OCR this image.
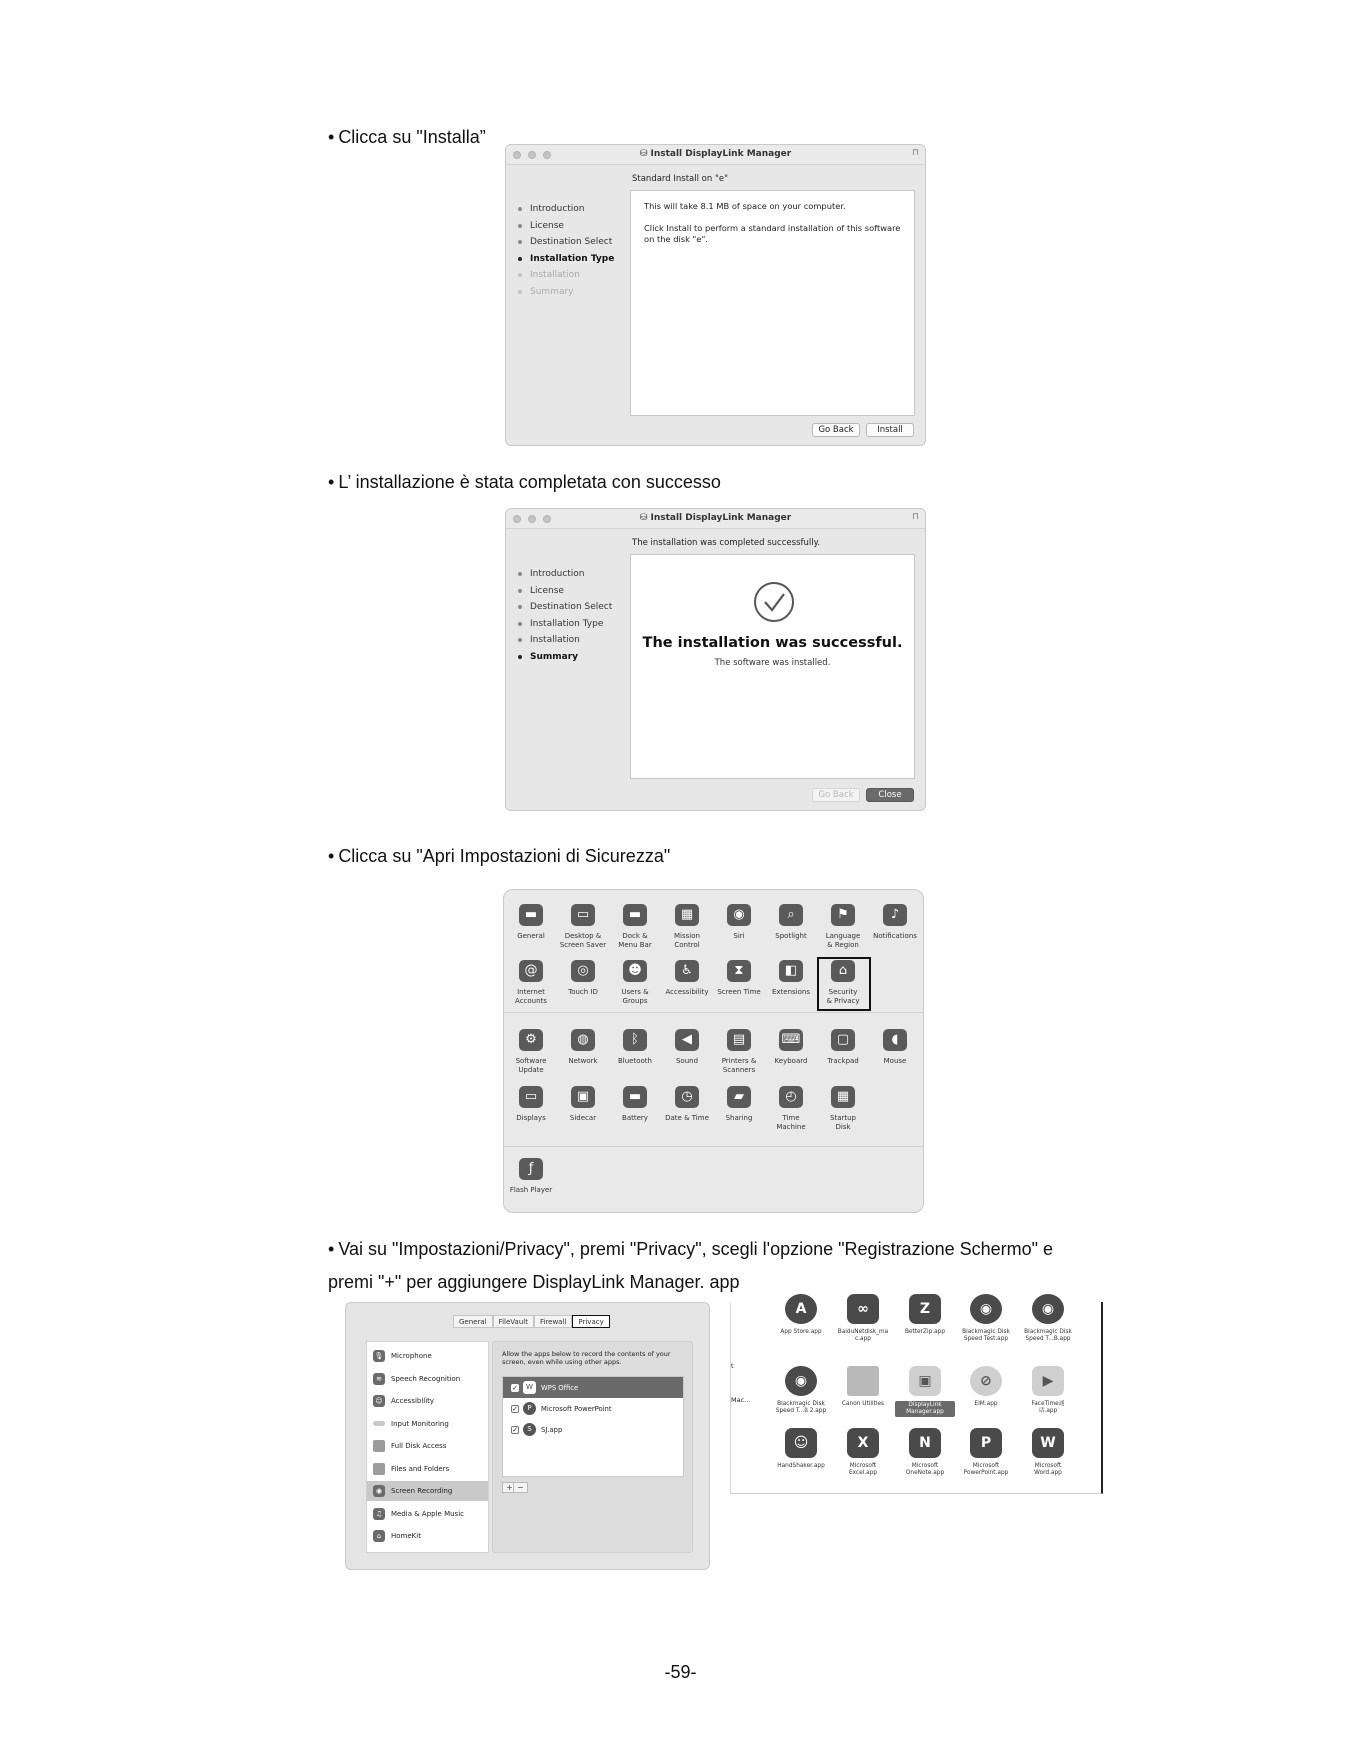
• Clicca su "Installa”
⛁ Install DisplayLink Manager	⊓
Standard Install on "e"
Introduction
License
Destination Select
Installation Type
Installation
Summary
This will take 8.1 MB of space on your computer.
Click Install to perform a standard installation of this software
on the disk "e".
Go Back	Install
• L’ installazione è stata completata con successo
⛁ Install DisplayLink Manager	⊓
The installation was completed successfully.
Introduction
License
Destination Select
Installation Type
Installation
Summary
The installation was successful.
The software was installed.
Go Back	Close
• Clicca su "Apri Impostazioni di Sicurezza"
▬
General
▭
Desktop &
Screen Saver
▬
Dock &
Menu Bar
▦
Mission
Control
◉
Siri
⌕
Spotlight
⚑
Language
& Region
♪
Notifications
@
Internet
Accounts
◎
Touch ID
☻
Users &
Groups
♿
Accessibility
⧗
Screen Time
◧
Extensions
⌂
Security
& Privacy
⚙
Software
Update
◍
Network
ᛒ
Bluetooth
◀
Sound
▤
Printers &
Scanners
⌨
Keyboard
▢
Trackpad
◖
Mouse
▭
Displays
▣
Sidecar
▬
Battery
◷
Date & Time
▰
Sharing
◴
Time
Machine
▦
Startup
Disk
ƒ
Flash Player
• Vai su "Impostazioni/Privacy", premi "Privacy", scegli l'opzione "Registrazione Schermo" e
premi "+" per aggiungere DisplayLink Manager. app
General	FileVault	Firewall	Privacy
🎙 Microphone
≋	Speech Recognition
☺	Accessibility
Input Monitoring
Full Disk Access
Files and Folders
◉	Screen Recording
♫	Media & Apple Music
⌂	HomeKit
Allow the apps below to record the contents of your
screen, even while using other apps.
✓	W	WPS Office
✓	P	Microsoft PowerPoint
✓	S	SJ.app
+ −
t
Mac...
A
App Store.app
∞
BaiduNetdisk_ma
c.app
Z
BetterZip.app
◉
Blackmagic Disk
Speed Test.app
◉
Blackmagic Disk
Speed T...B.app
◉
Blackmagic Disk
Speed T...ß 2.app
Canon Utilities
▣
DisplayLink
Manager.app
⊘
EIM.app
▶
FaceTime通
话.app
☺
HandShaker.app
X
Microsoft
Excel.app
N
Microsoft
OneNote.app
P
Microsoft
PowerPoint.app
W
Microsoft
Word.app
-59-
